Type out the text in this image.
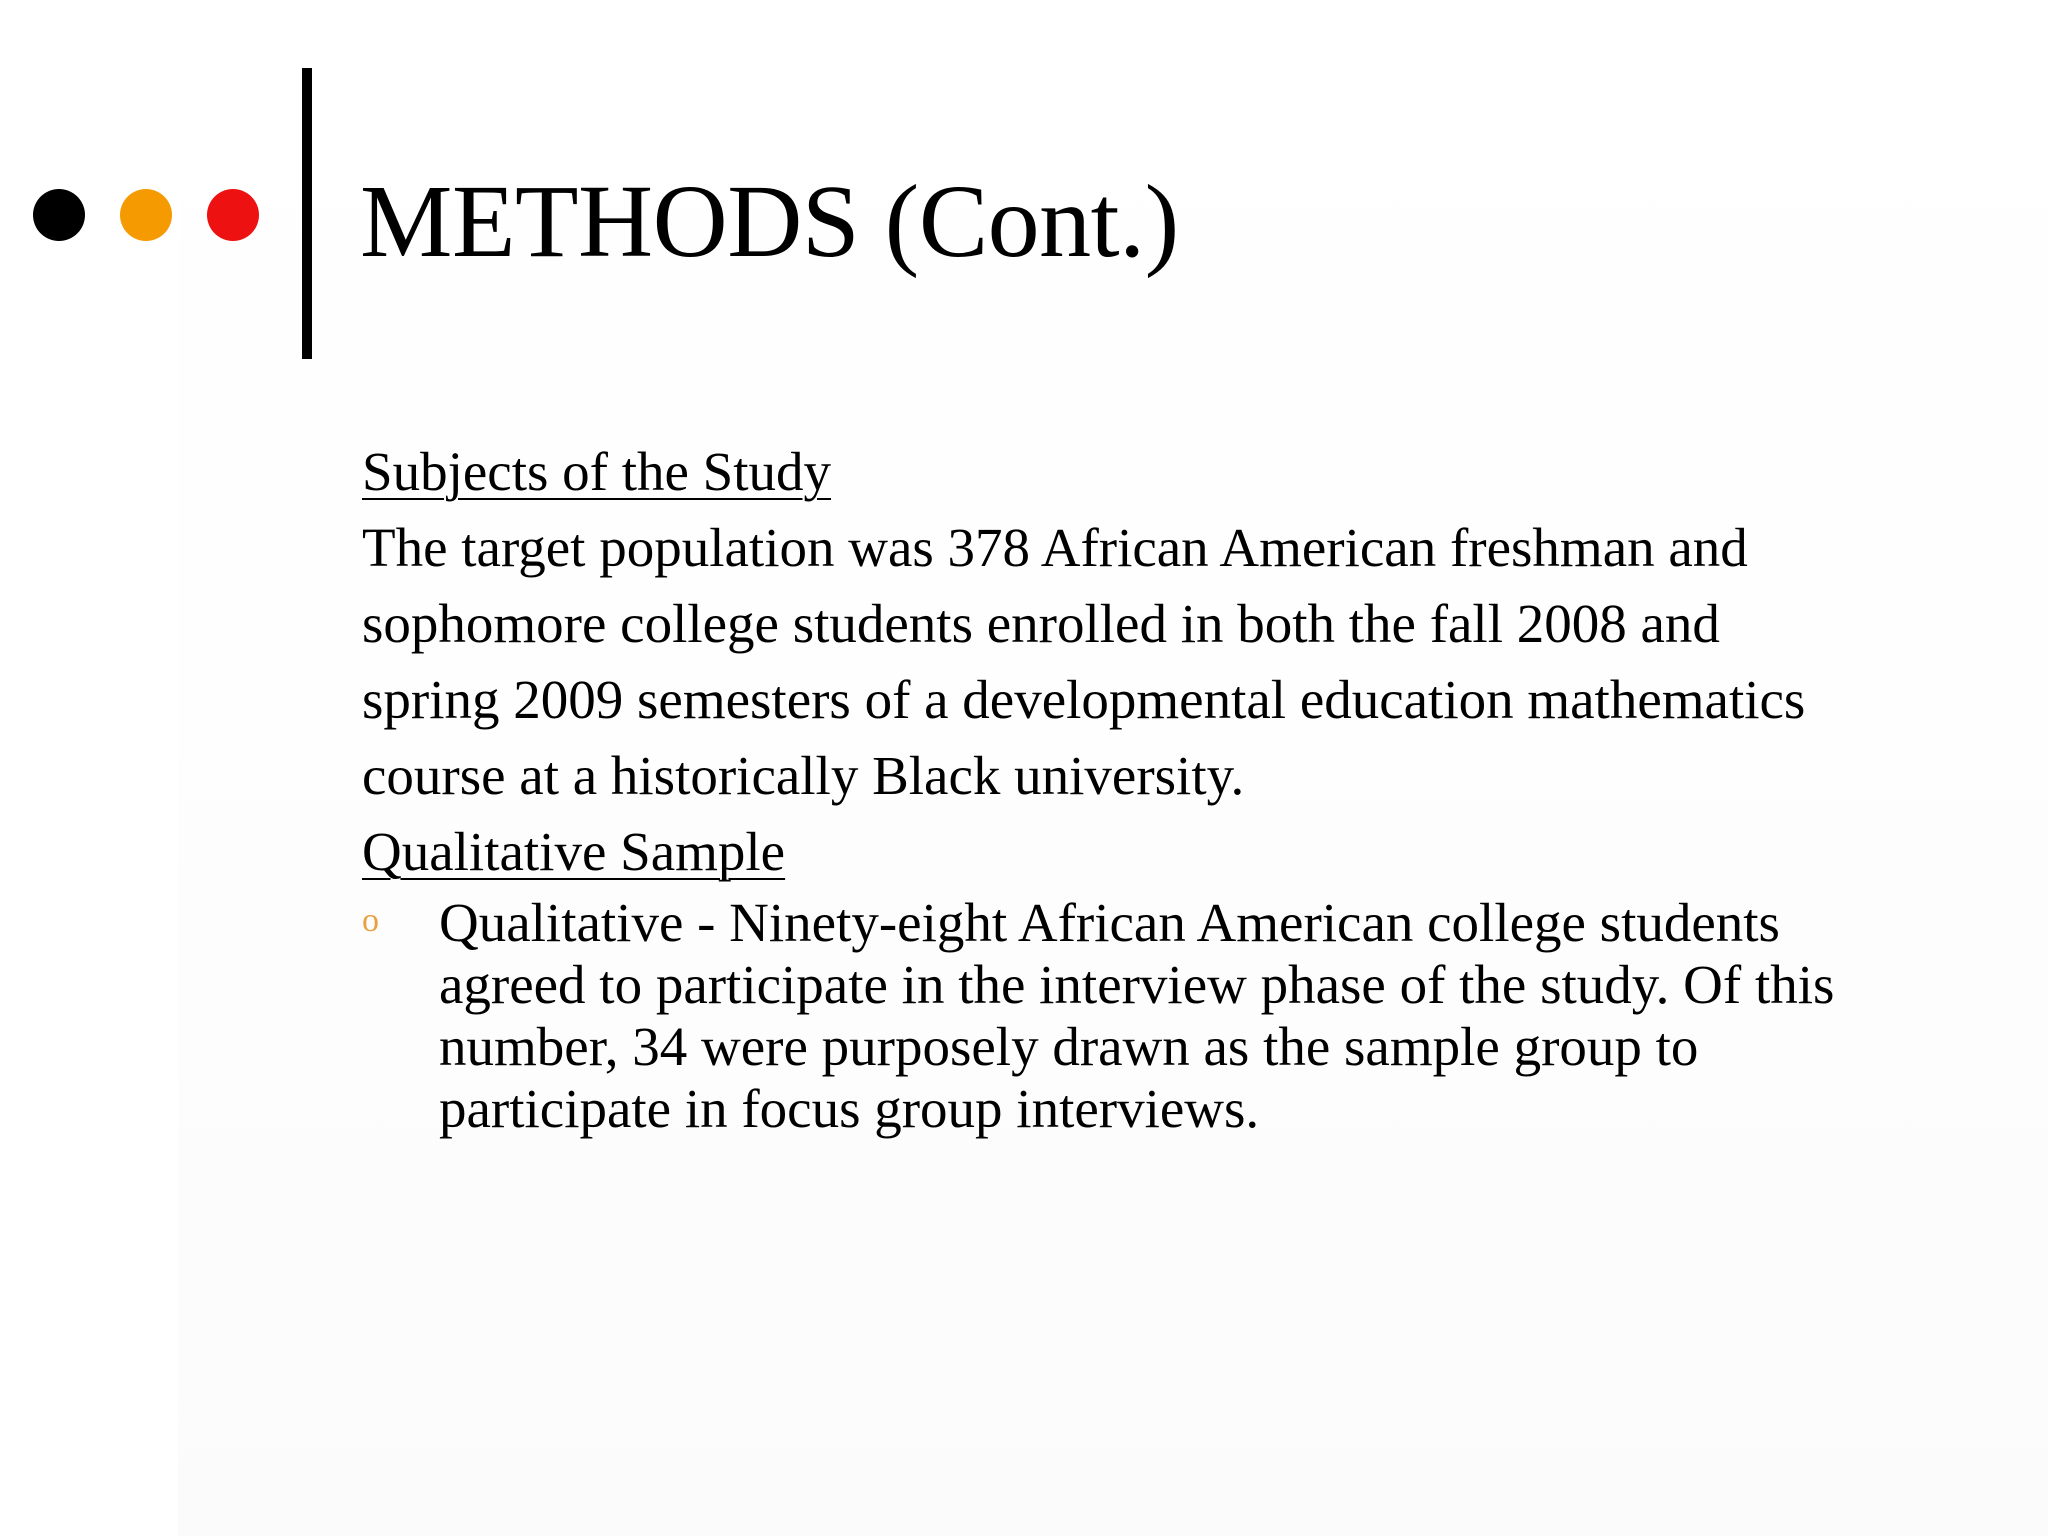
METHODS (Cont.)
Subjects of the Study
The target population was 378 African American freshman and
sophomore college students enrolled in both the fall 2008 and
spring 2009 semesters of a developmental education mathematics
course at a historically Black university.
Qualitative Sample
o Qualitative - Ninety-eight African American college students
agreed to participate in the interview phase of the study. Of this
number, 34 were purposely drawn as the sample group to
participate in focus group interviews.
